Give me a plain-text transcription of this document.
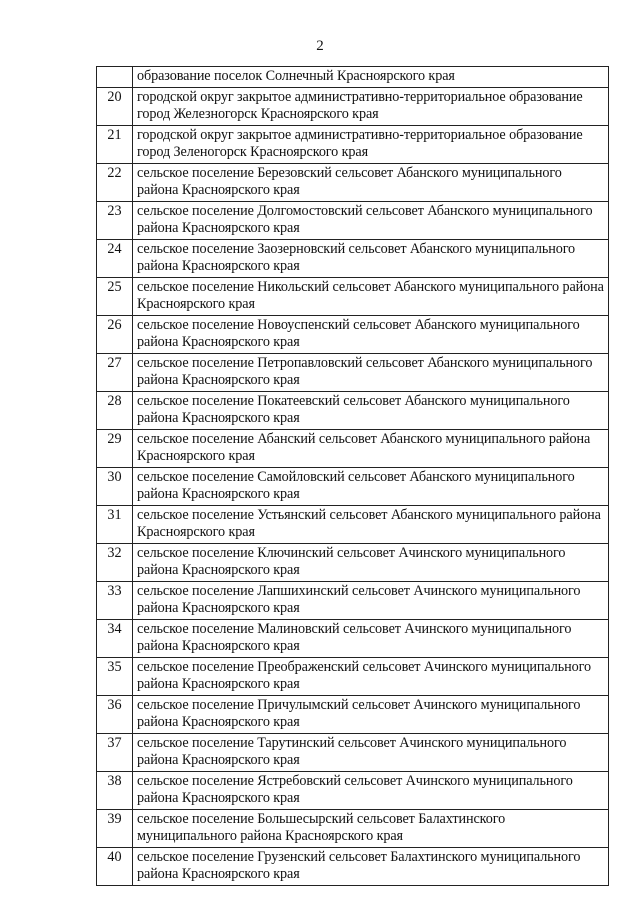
2
	образование поселок Солнечный Красноярского края
20	городской округ закрытое административно-территориальное образование город Железногорск Красноярского края
21	городской округ закрытое административно-территориальное образование город Зеленогорск Красноярского края
22	сельское поселение Березовский сельсовет Абанского муниципального района Красноярского края
23	сельское поселение Долгомостовский сельсовет Абанского муниципального района Красноярского края
24	сельское поселение Заозерновский сельсовет Абанского муниципального района Красноярского края
25	сельское поселение Никольский сельсовет Абанского муниципального района Красноярского края
26	сельское поселение Новоуспенский сельсовет Абанского муниципального района Красноярского края
27	сельское поселение Петропавловский сельсовет Абанского муниципального района Красноярского края
28	сельское поселение Покатеевский сельсовет Абанского муниципального района Красноярского края
29	сельское поселение Абанский сельсовет Абанского муниципального района Красноярского края
30	сельское поселение Самойловский сельсовет Абанского муниципального района Красноярского края
31	сельское поселение Устьянский сельсовет Абанского муниципального района Красноярского края
32	сельское поселение Ключинский сельсовет Ачинского муниципального района Красноярского края
33	сельское поселение Лапшихинский сельсовет Ачинского муниципального района Красноярского края
34	сельское поселение Малиновский сельсовет Ачинского муниципального района Красноярского края
35	сельское поселение Преображенский сельсовет Ачинского муниципального района Красноярского края
36	сельское поселение Причулымский сельсовет Ачинского муниципального района Красноярского края
37	сельское поселение Тарутинский сельсовет Ачинского муниципального района Красноярского края
38	сельское поселение Ястребовский сельсовет Ачинского муниципального района Красноярского края
39	сельское поселение Большесырский сельсовет Балахтинского муниципального района Красноярского края
40	сельское поселение Грузенский сельсовет Балахтинского муниципального района Красноярского края
